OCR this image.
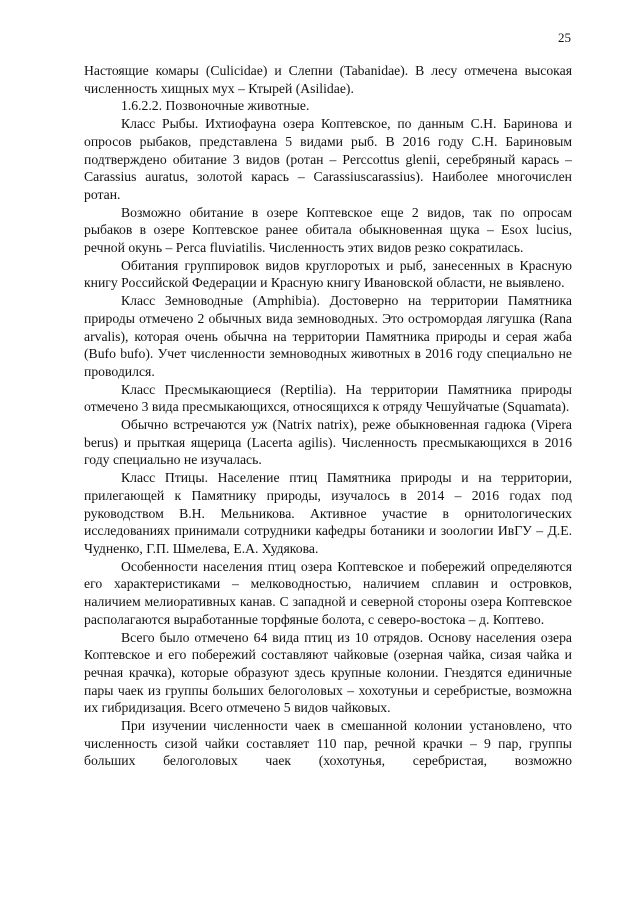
25

Настоящие комары (Culicidae) и Слепни (Tabanidae). В лесу отмечена высокая численность хищных мух – Ктырей (Asilidae).

1.6.2.2. Позвоночные животные.

Класс Рыбы. Ихтиофауна озера Коптевское, по данным С.Н. Баринова и опросов рыбаков, представлена 5 видами рыб. В 2016 году С.Н. Бариновым подтверждено обитание 3 видов (ротан – Perccottus glenii, серебряный карась – Carassius auratus, золотой карась – Carassiuscarassius). Наиболее многочислен ротан.

Возможно обитание в озере Коптевское еще 2 видов, так по опросам рыбаков в озере Коптевское ранее обитала обыкновенная щука – Esox lucius, речной окунь – Perca fluviatilis. Численность этих видов резко сократилась.

Обитания группировок видов круглоротых и рыб, занесенных в Красную книгу Российской Федерации и Красную книгу Ивановской области, не выявлено.

Класс Земноводные (Amphibia). Достоверно на территории Памятника природы отмечено 2 обычных вида земноводных. Это остромордая лягушка (Rana arvalis), которая очень обычна на территории Памятника природы и серая жаба (Bufo bufo). Учет численности земноводных животных в 2016 году специально не проводился.

Класс Пресмыкающиеся (Reptilia). На территории Памятника природы отмечено 3 вида пресмыкающихся, относящихся к отряду Чешуйчатые (Squamata).

Обычно встречаются уж (Natrix natrix), реже обыкновенная гадюка (Vipera berus) и прыткая ящерица (Lacerta agilis). Численность пресмыкающихся в 2016 году специально не изучалась.

Класс Птицы. Население птиц Памятника природы и на территории, прилегающей к Памятнику природы, изучалось в 2014 – 2016 годах под руководством В.Н. Мельникова. Активное участие в орнитологических исследованиях принимали сотрудники кафедры ботаники и зоологии ИвГУ – Д.Е. Чудненко, Г.П. Шмелева, Е.А. Худякова.

Особенности населения птиц озера Коптевское и побережий определяются его характеристиками – мелководностью, наличием сплавин и островков, наличием мелиоративных канав. С западной и северной стороны озера Коптевское располагаются выработанные торфяные болота, с северо-востока – д. Коптево.

Всего было отмечено 64 вида птиц из 10 отрядов. Основу населения озера Коптевское и его побережий составляют чайковые (озерная чайка, сизая чайка и речная крачка), которые образуют здесь крупные колонии. Гнездятся единичные пары чаек из группы больших белоголовых – хохотуньи и серебристые, возможна их гибридизация. Всего отмечено 5 видов чайковых.

При изучении численности чаек в смешанной колонии установлено, что численность сизой чайки составляет 110 пар, речной крачки – 9 пар, группы больших белоголовых чаек (хохотунья, серебристая, возможно
